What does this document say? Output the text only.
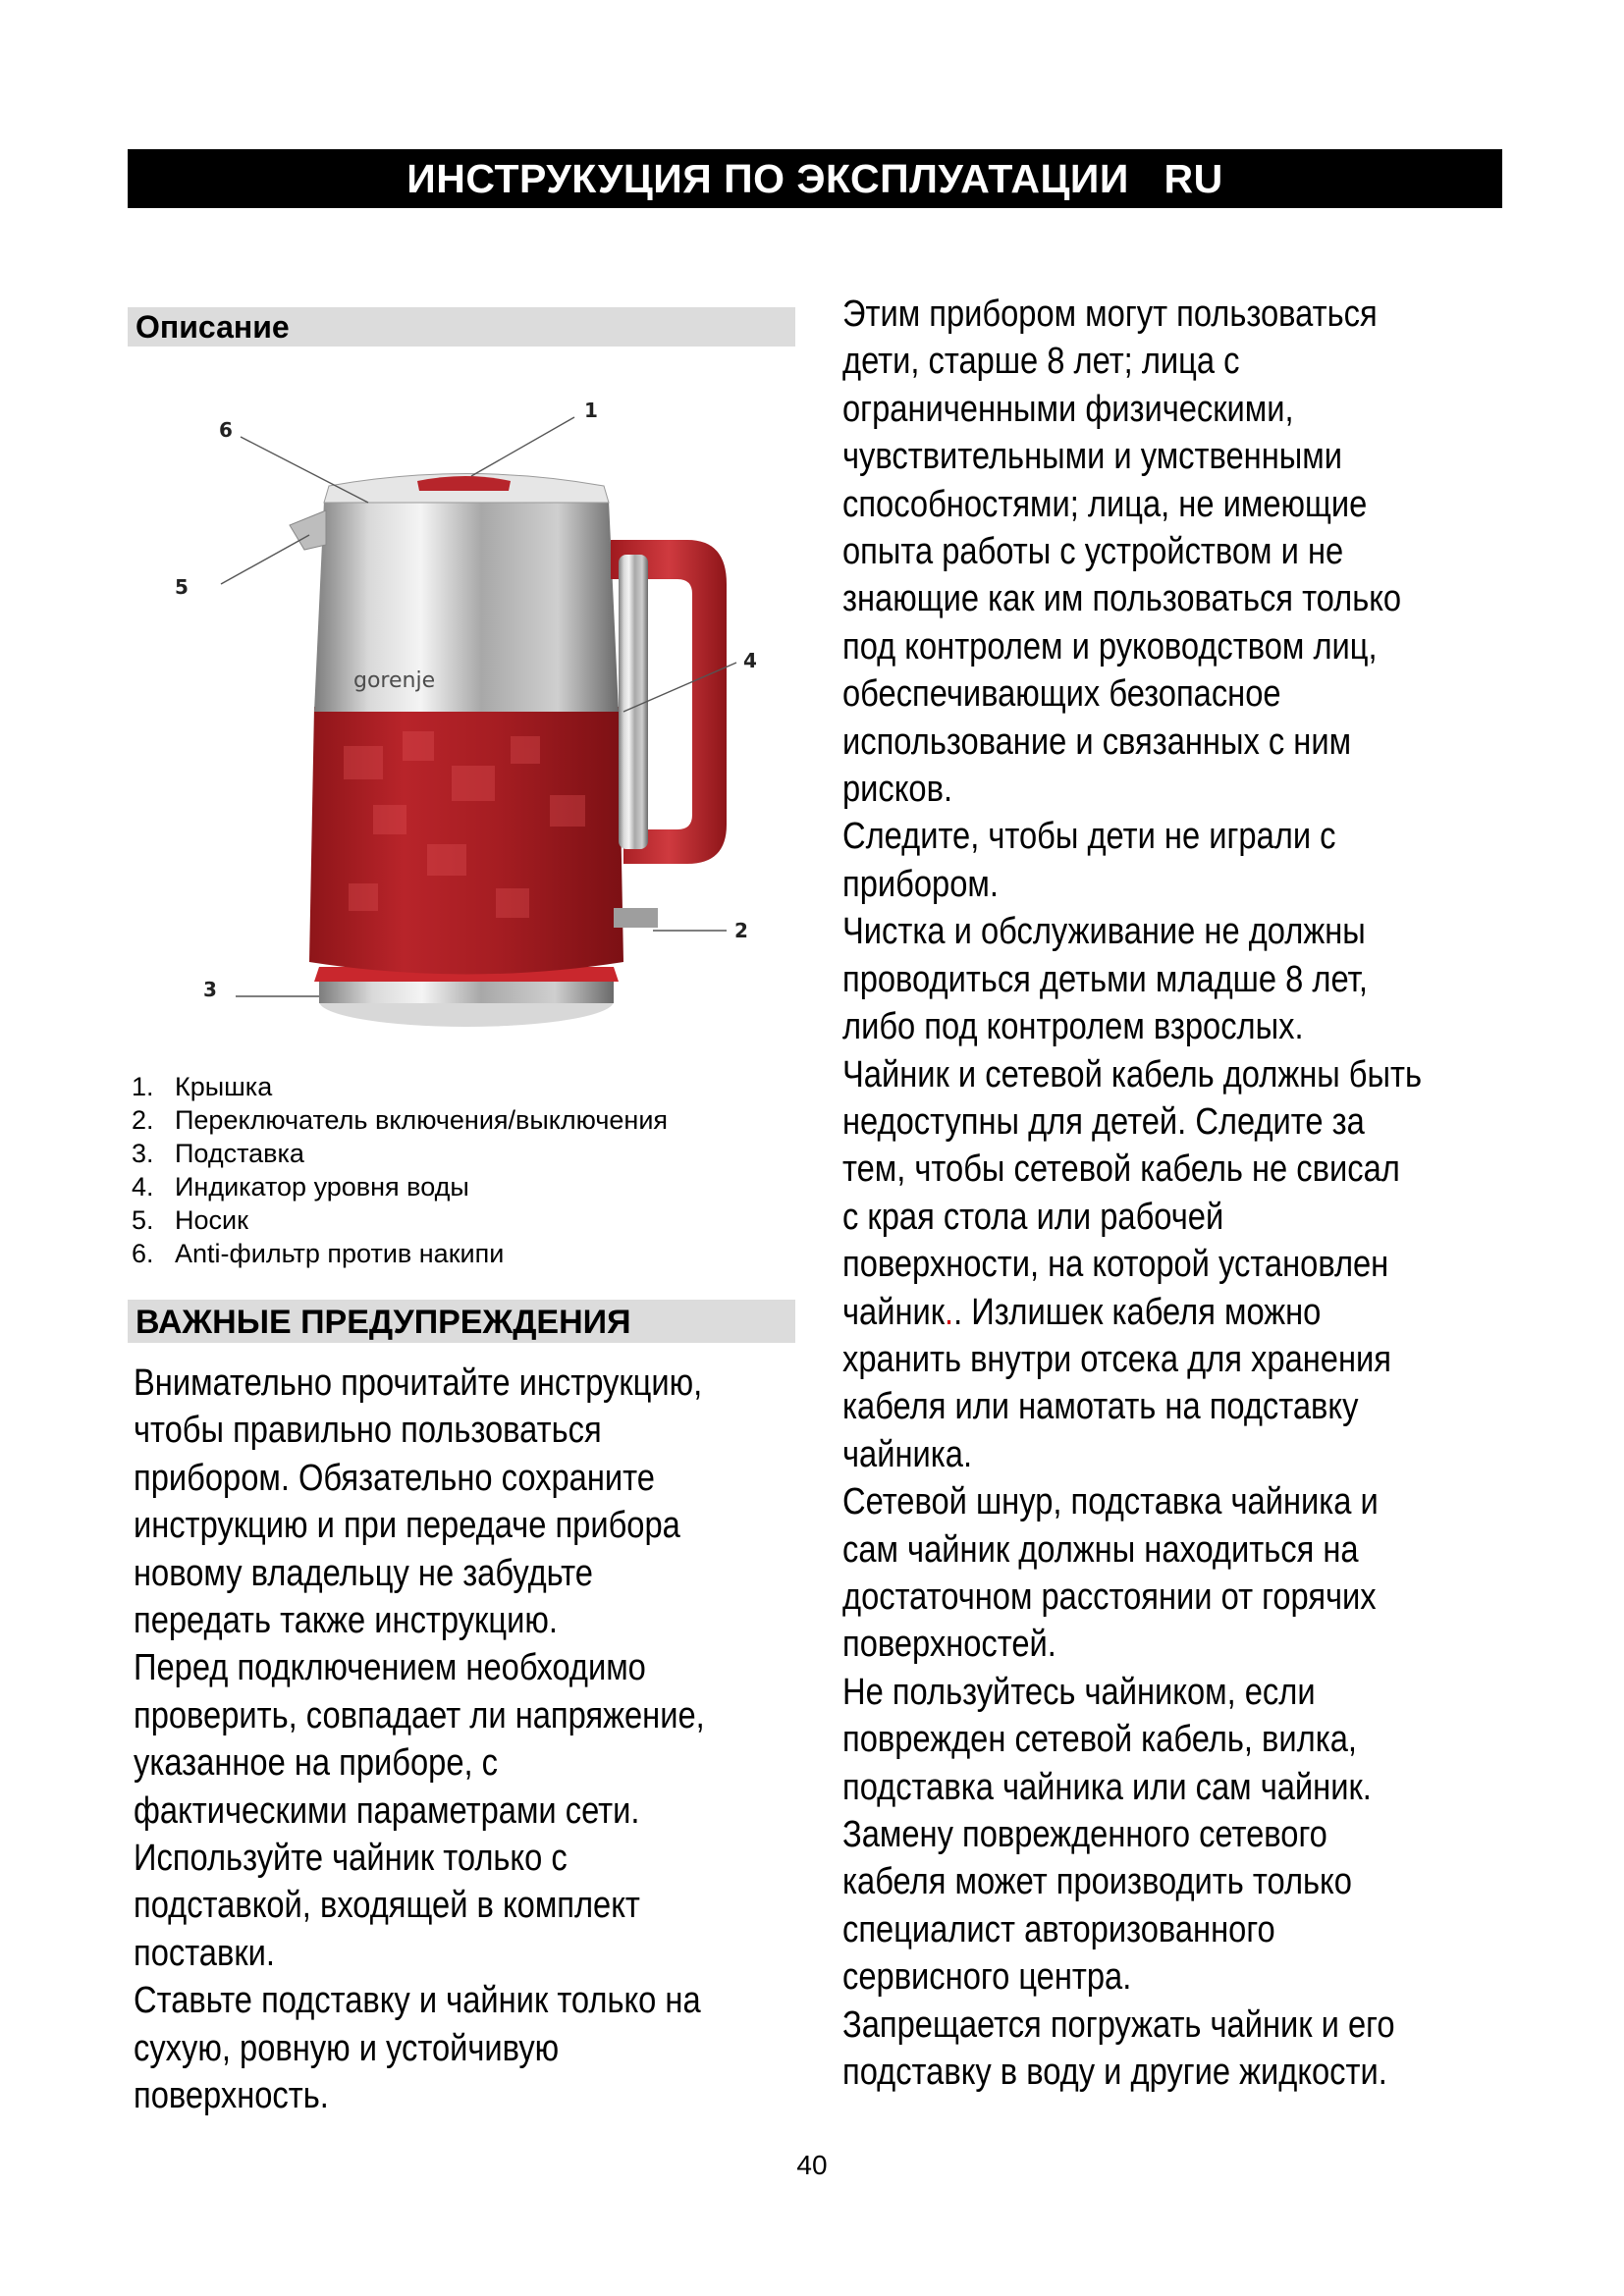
ИНСТРУКУЦИЯ ПО ЭКСПЛУАТАЦИИ   RU
Описание
gorenje
6
1
5
4
2
3
1. Крышка
2. Переключатель включения/выключения
3. Подставка
4. Индикатор уровня воды
5. Носик
6. Anti-фильтр против накипи
ВАЖНЫЕ ПРЕДУПРЕЖДЕНИЯ
Внимательно прочитайте инструкцию,
чтобы правильно пользоваться
прибором. Обязательно сохраните
инструкцию и при передаче прибора
новому владельцу не забудьте
передать также инструкцию.
Перед подключением необходимо
проверить, совпадает ли напряжение,
указанное на приборе, с
фактическими параметрами сети.
Используйте чайник только с
подставкой, входящей в комплект
поставки.
Ставьте подставку и чайник только на
сухую, ровную и устойчивую
поверхность.
Этим прибором могут пользоваться
дети, старше 8 лет; лица с
ограниченными физическими,
чувствительными и умственными
способностями; лица, не имеющие
опыта работы с устройством и не
знающие как им пользоваться только
под контролем и руководством лиц,
обеспечивающих безопасное
использование и связанных с ним
рисков.
Следите, чтобы дети не играли с
прибором.
Чистка и обслуживание не должны
проводиться детьми младше 8 лет,
либо под контролем взрослых.
Чайник и сетевой кабель должны быть
недоступны для детей. Следите за
тем, чтобы сетевой кабель не свисал
с края стола или рабочей
поверхности, на которой установлен
чайник.. Излишек кабеля можно
хранить внутри отсека для хранения
кабеля или намотать на подставку
чайника.
Сетевой шнур, подставка чайника и
сам чайник должны находиться на
достаточном расстоянии от горячих
поверхностей.
Не пользуйтесь чайником, если
поврежден сетевой кабель, вилка,
подставка чайника или сам чайник.
Замену поврежденного сетевого
кабеля может производить только
специалист авторизованного
сервисного центра.
Запрещается погружать чайник и его
подставку в воду и другие жидкости.
40
